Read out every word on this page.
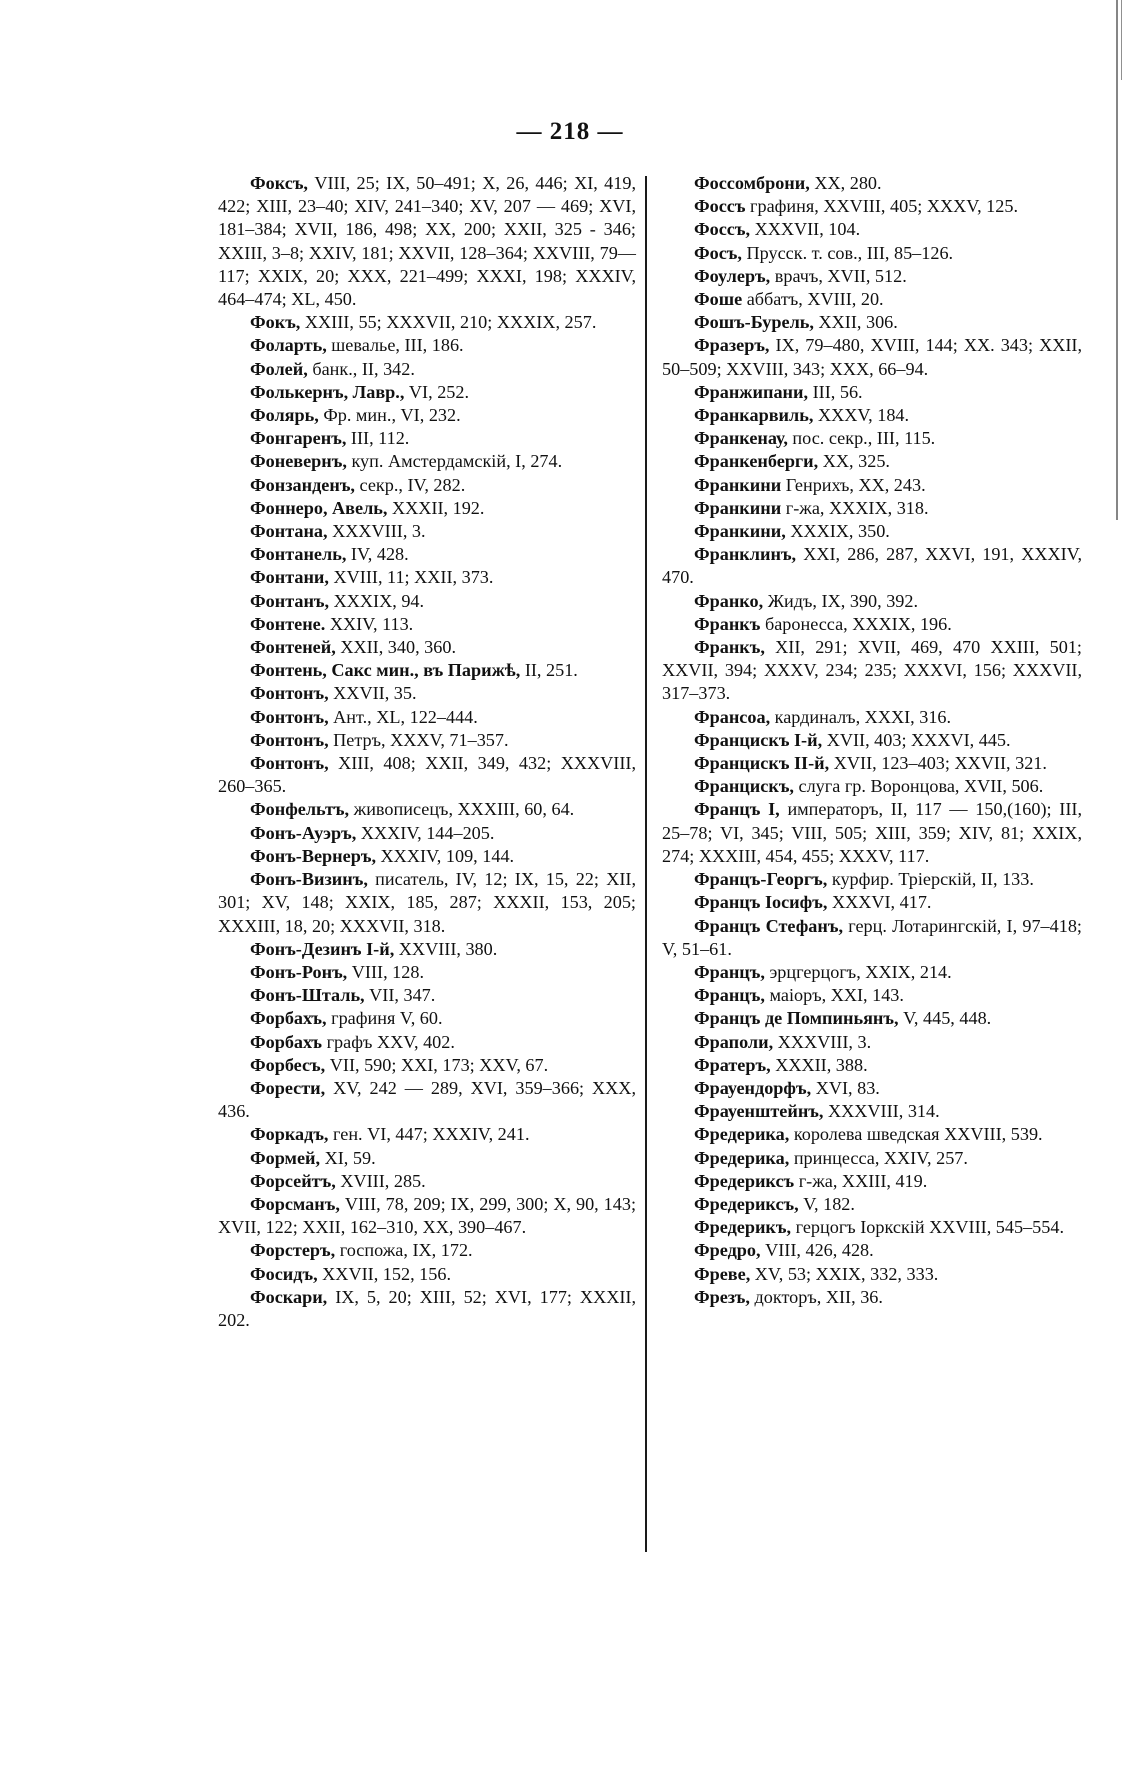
— 218 —

Фоксъ, VIII, 25; IX, 50–491; X, 26, 446; XI, 419, 422; XIII, 23–40; XIV, 241–340; XV, 207 — 469; XVI, 181–384; XVII, 186, 498; XX, 200; XXII, 325 - 346; XXIII, 3–8; XXIV, 181; XXVII, 128–364; XXVIII, 79—117; XXIX, 20; XXX, 221–499; XXXI, 198; XXXIV, 464–474; XL, 450.

Фокъ, XXIII, 55; XXXVII, 210; XXXIX, 257.

Фоларть, шевалье, III, 186.

Фолей, банк., II, 342.

Фолькернъ, Лавр., VI, 252.

Фолярь, Фр. мин., VI, 232.

Фонгаренъ, III, 112.

Фоневернъ, куп. Амстердамскій, I, 274.

Фонзанденъ, секр., IV, 282.

Фоннеро, Авель, XXXII, 192.

Фонтана, XXXVIII, 3.

Фонтанель, IV, 428.

Фонтани, XVIII, 11; XXII, 373.

Фонтанъ, XXXIX, 94.

Фонтене. XXIV, 113.

Фонтеней, XXII, 340, 360.

Фонтень, Сакс мин., въ Парижѣ, II, 251.

Фонтонъ, XXVII, 35.

Фонтонъ, Ант., XL, 122–444.

Фонтонъ, Петръ, XXXV, 71–357.

Фонтонъ, XIII, 408; XXII, 349, 432; XXXVIII, 260–365.

Фонфельтъ, живописецъ, XXXIII, 60, 64.

Фонъ-Ауэръ, XXXIV, 144–205.

Фонъ-Вернеръ, XXXIV, 109, 144.

Фонъ-Визинъ, писатель, IV, 12; IX, 15, 22; XII, 301; XV, 148; XXIX, 185, 287; XXXII, 153, 205; XXXIII, 18, 20; XXXVII, 318.

Фонъ-Дезинъ I-й, XXVIII, 380.

Фонъ-Ронъ, VIII, 128.

Фонъ-Шталь, VII, 347.

Форбахъ, графиня V, 60.

Форбахъ графъ XXV, 402.

Форбесъ, VII, 590; XXI, 173; XXV, 67.

Форести, XV, 242 — 289, XVI, 359–366; XXX, 436.

Форкадъ, ген. VI, 447; XXXIV, 241.

Формей, XI, 59.

Форсейтъ, XVIII, 285.

Форсманъ, VIII, 78, 209; IX, 299, 300; X, 90, 143; XVII, 122; XXII, 162–310, XX, 390–467.

Форстеръ, госпожа, IX, 172.

Фосидъ, XXVII, 152, 156.

Фоскари, IX, 5, 20; XIII, 52; XVI, 177; XXXII, 202.

Фоссомброни, XX, 280.

Фоссъ графиня, XXVIII, 405; XXXV, 125.

Фоссъ, XXXVII, 104.

Фосъ, Прусск. т. сов., III, 85–126.

Фоулеръ, врачъ, XVII, 512.

Фоше аббатъ, XVIII, 20.

Фошъ-Бурель, XXII, 306.

Фразеръ, IX, 79–480, XVIII, 144; XX. 343; XXII, 50–509; XXVIII, 343; XXX, 66–94.

Франжипани, III, 56.

Франкарвиль, XXXV, 184.

Франкенау, пос. секр., III, 115.

Франкенберги, XX, 325.

Франкини Генрихъ, XX, 243.

Франкини г-жа, XXXIX, 318.

Франкини, XXXIX, 350.

Франклинъ, XXI, 286, 287, XXVI, 191, XXXIV, 470.

Франко, Жидъ, IX, 390, 392.

Франкъ баронесса, XXXIX, 196.

Франкъ, XII, 291; XVII, 469, 470 XXIII, 501; XXVII, 394; XXXV, 234; 235; XXXVI, 156; XXXVII, 317–373.

Франсоа, кардиналъ, XXXI, 316.

Францискъ I-й, XVII, 403; XXXVI, 445.

Францискъ II-й, XVII, 123–403; XXVII, 321.

Францискъ, слуга гр. Воронцова, XVII, 506.

Францъ I, императоръ, II, 117 — 150,(160); III, 25–78; VI, 345; VIII, 505; XIII, 359; XIV, 81; XXIX, 274; XXXIII, 454, 455; XXXV, 117.

Францъ-Георгъ, курфир. Тріерскій, II, 133.

Францъ Іосифъ, XXXVI, 417.

Францъ Стефанъ, герц. Лотарингскій, I, 97–418; V, 51–61.

Францъ, эрцгерцогъ, XXIX, 214.

Францъ, маіоръ, XXI, 143.

Францъ де Помпиньянъ, V, 445, 448.

Фраполи, XXXVIII, 3.

Фратеръ, XXXII, 388.

Фрауендорфъ, XVI, 83.

Фрауенштейнъ, XXXVIII, 314.

Фредерика, королева шведская XXVIII, 539.

Фредерика, принцесса, XXIV, 257.

Фредериксъ г-жа, XXIII, 419.

Фредериксъ, V, 182.

Фредерикъ, герцогъ Іоркскій XXVIII, 545–554.

Фредро, VIII, 426, 428.

Фреве, XV, 53; XXIX, 332, 333.

Фрезъ, докторъ, XII, 36.
